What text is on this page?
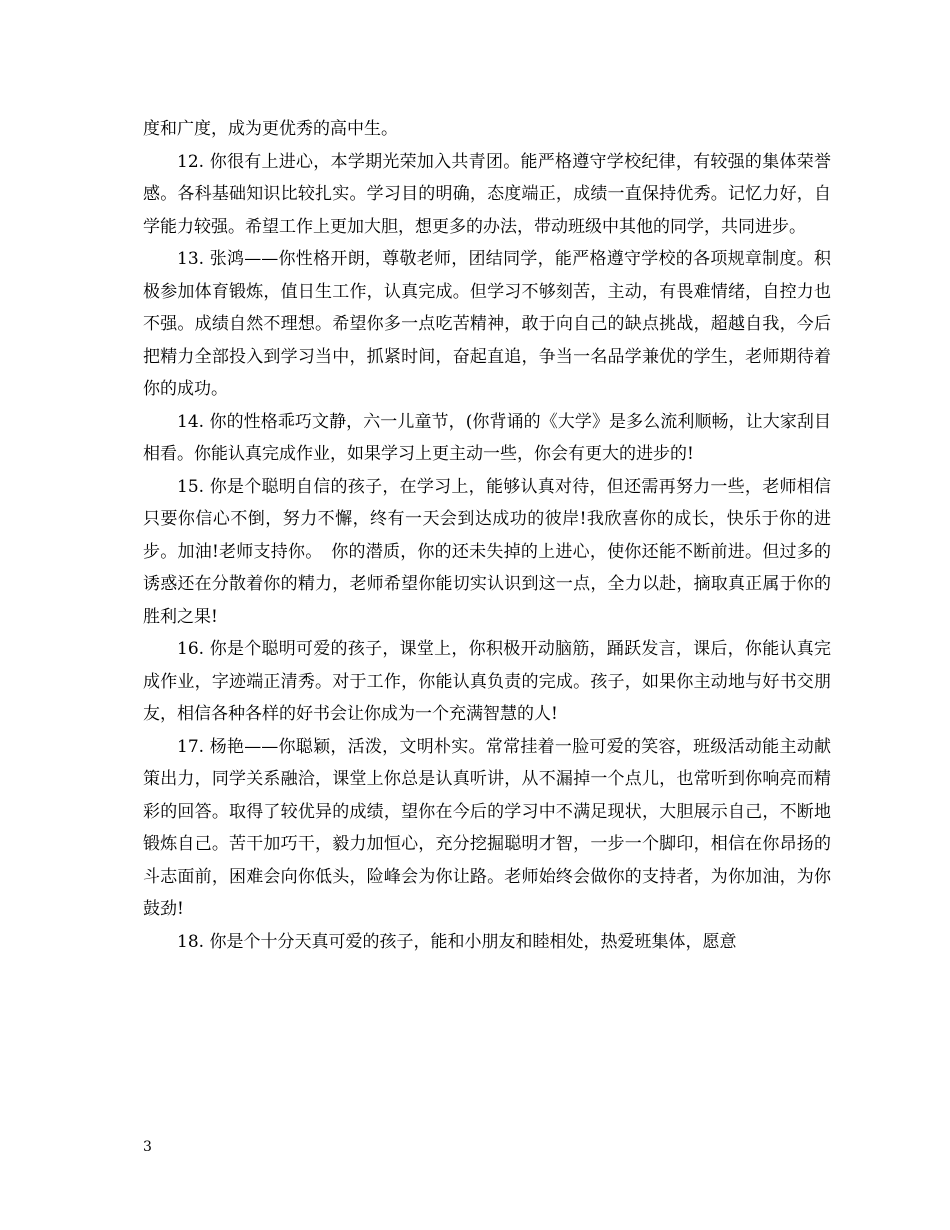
度和广度，成为更优秀的高中生。

12. 你很有上进心，本学期光荣加入共青团。能严格遵守学校纪律，有较强的集体荣誉感。各科基础知识比较扎实。学习目的明确，态度端正，成绩一直保持优秀。记忆力好，自学能力较强。希望工作上更加大胆，想更多的办法，带动班级中其他的同学，共同进步。

13. 张鸿——你性格开朗，尊敬老师，团结同学，能严格遵守学校的各项规章制度。积极参加体育锻炼，值日生工作，认真完成。但学习不够刻苦，主动，有畏难情绪，自控力也不强。成绩自然不理想。希望你多一点吃苦精神，敢于向自己的缺点挑战，超越自我，今后把精力全部投入到学习当中，抓紧时间，奋起直追，争当一名品学兼优的学生，老师期待着你的成功。

14. 你的性格乖巧文静，六一儿童节，(你背诵的《大学》是多么流利顺畅，让大家刮目相看。你能认真完成作业，如果学习上更主动一些，你会有更大的进步的!

15. 你是个聪明自信的孩子，在学习上，能够认真对待，但还需再努力一些，老师相信只要你信心不倒，努力不懈，终有一天会到达成功的彼岸!我欣喜你的成长，快乐于你的进步。加油!老师支持你。　你的潜质，你的还未失掉的上进心，使你还能不断前进。但过多的诱惑还在分散着你的精力，老师希望你能切实认识到这一点，全力以赴，摘取真正属于你的胜利之果!

16. 你是个聪明可爱的孩子，课堂上，你积极开动脑筋，踊跃发言，课后，你能认真完成作业，字迹端正清秀。对于工作，你能认真负责的完成。孩子，如果你主动地与好书交朋友，相信各种各样的好书会让你成为一个充满智慧的人!

17. 杨艳——你聪颖，活泼，文明朴实。常常挂着一脸可爱的笑容，班级活动能主动献策出力，同学关系融洽，课堂上你总是认真听讲，从不漏掉一个点儿，也常听到你响亮而精彩的回答。取得了较优异的成绩，望你在今后的学习中不满足现状，大胆展示自己，不断地锻炼自己。苦干加巧干，毅力加恒心，充分挖掘聪明才智，一步一个脚印，相信在你昂扬的斗志面前，困难会向你低头，险峰会为你让路。老师始终会做你的支持者，为你加油，为你鼓劲!

18. 你是个十分天真可爱的孩子，能和小朋友和睦相处，热爱班集体，愿意

3
